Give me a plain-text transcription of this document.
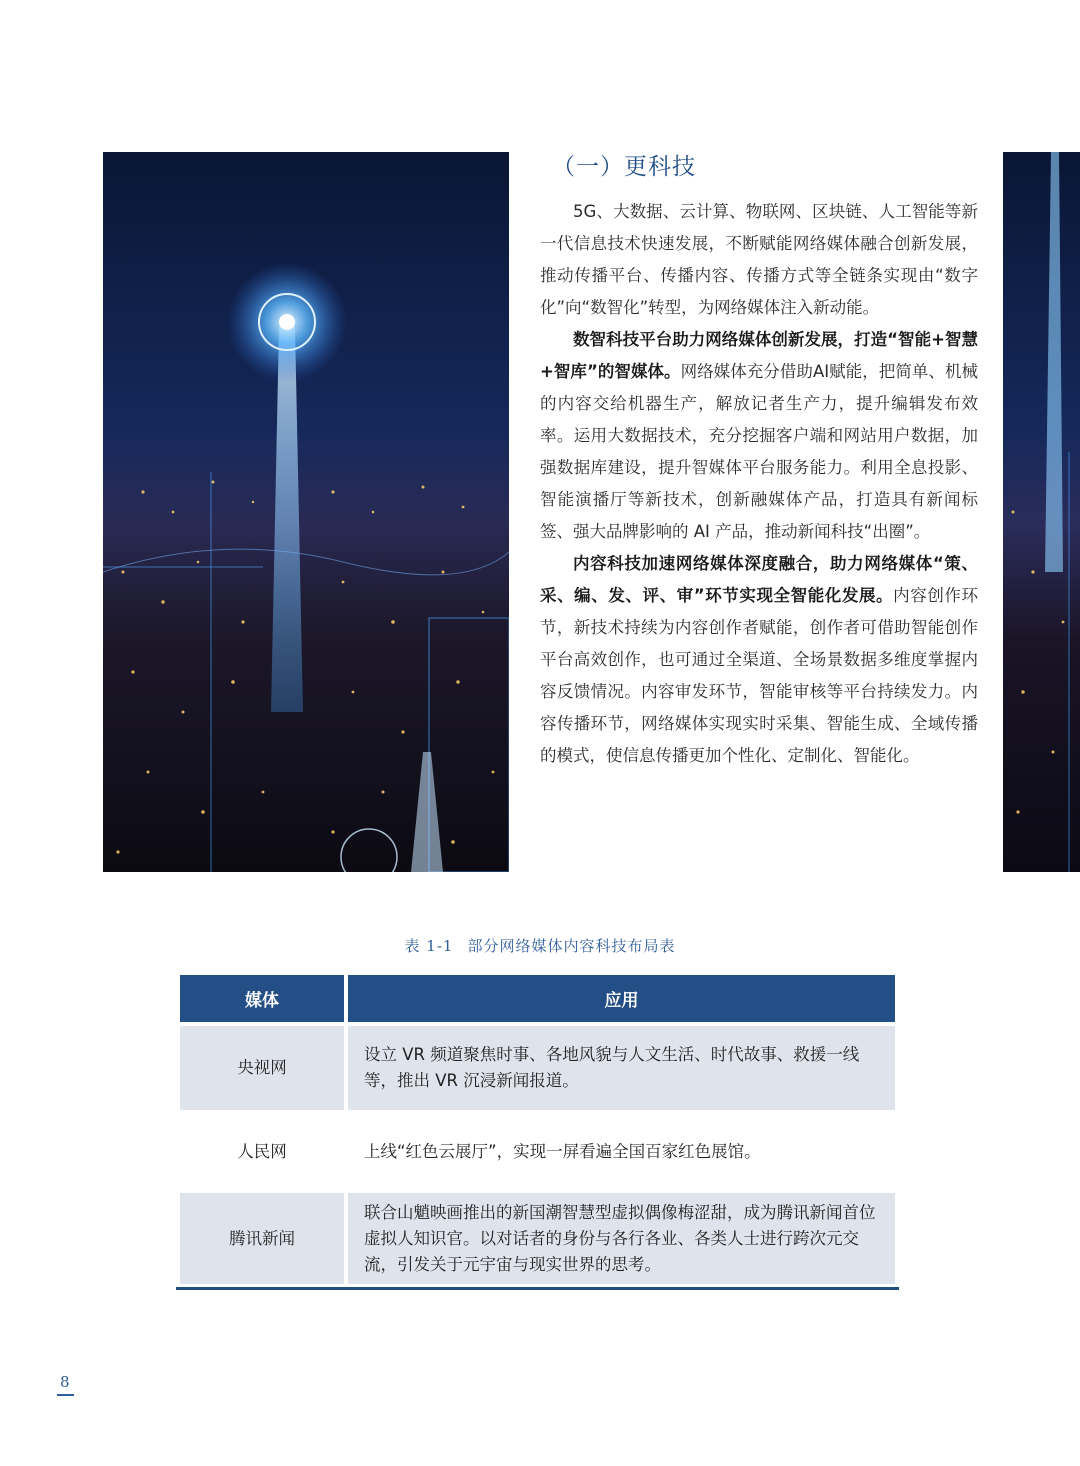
（一）更科技

5G、大数据、云计算、物联网、区块链、人工智能等新一代信息技术快速发展，不断赋能网络媒体融合创新发展，推动传播平台、传播内容、传播方式等全链条实现由“数字化”向“数智化”转型，为网络媒体注入新动能。

数智科技平台助力网络媒体创新发展，打造“智能+智慧+智库”的智媒体。网络媒体充分借助AI赋能，把简单、机械的内容交给机器生产，解放记者生产力，提升编辑发布效率。运用大数据技术，充分挖掘客户端和网站用户数据，加强数据库建设，提升智媒体平台服务能力。利用全息投影、智能演播厅等新技术，创新融媒体产品，打造具有新闻标签、强大品牌影响的 AI 产品，推动新闻科技“出圈”。

内容科技加速网络媒体深度融合，助力网络媒体“策、采、编、发、评、审”环节实现全智能化发展。内容创作环节，新技术持续为内容创作者赋能，创作者可借助智能创作平台高效创作，也可通过全渠道、全场景数据多维度掌握内容反馈情况。内容审发环节，智能审核等平台持续发力。内容传播环节，网络媒体实现实时采集、智能生成、全域传播的模式，使信息传播更加个性化、定制化、智能化。

表 1-1 部分网络媒体内容科技布局表
媒体	应用
央视网
设立 VR 频道聚焦时事、各地风貌与人文生活、时代故事、救援一线等，推出 VR 沉浸新闻报道。
人民网	上线“红色云展厅”，实现一屏看遍全国百家红色展馆。
腾讯新闻
联合山魈映画推出的新国潮智慧型虚拟偶像梅涩甜，成为腾讯新闻首位虚拟人知识官。以对话者的身份与各行各业、各类人士进行跨次元交流，引发关于元宇宙与现实世界的思考。
8
